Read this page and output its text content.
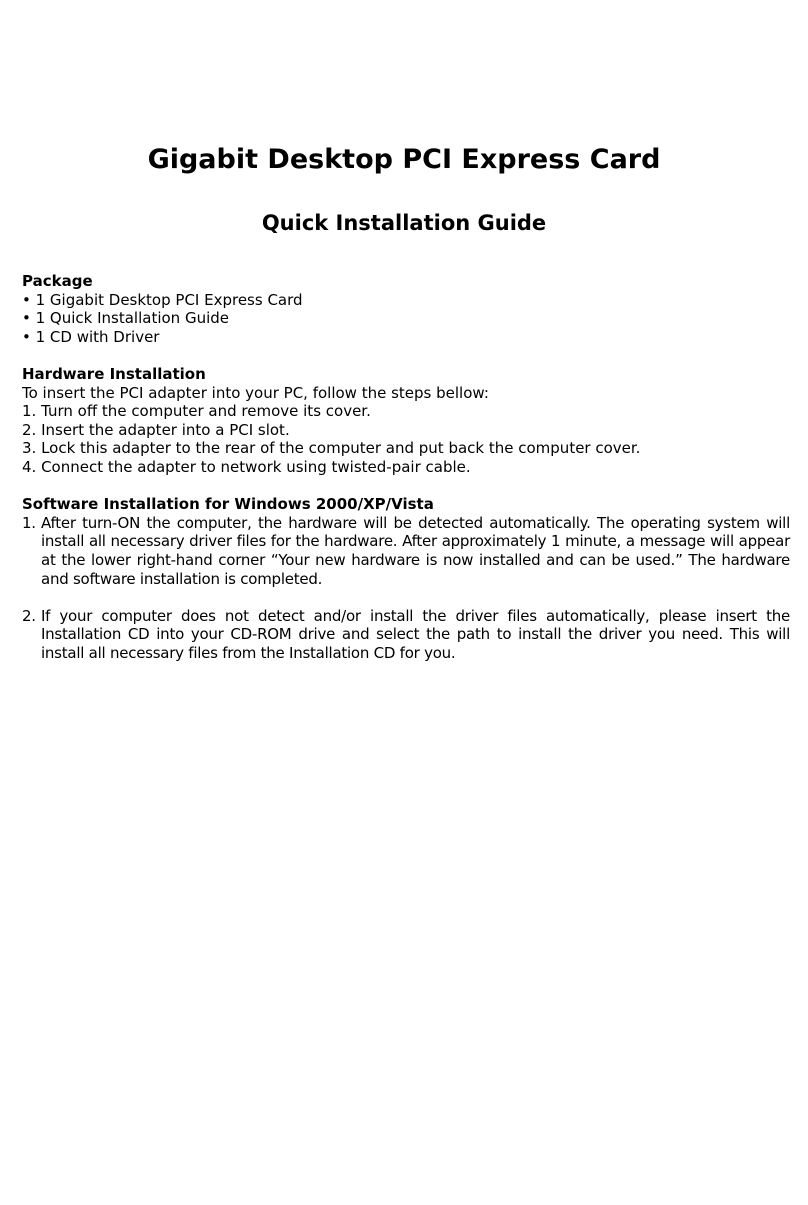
Gigabit Desktop PCI Express Card
Quick Installation Guide

Package

• 1 Gigabit Desktop PCI Express Card

• 1 Quick Installation Guide

• 1 CD with Driver

Hardware Installation

To insert the PCI adapter into your PC, follow the steps bellow:

1. Turn off the computer and remove its cover.

2. Insert the adapter into a PCI slot.

3. Lock this adapter to the rear of the computer and put back the computer cover.

4. Connect the adapter to network using twisted-pair cable.

Software Installation for Windows 2000/XP/Vista

1. After turn-ON the computer, the hardware will be detected automatically. The operating system will install all necessary driver files for the hardware. After approximately 1 minute, a message will appear at the lower right-hand corner “Your new hardware is now installed and can be used.” The hardware and software installation is completed.

2. If your computer does not detect and/or install the driver files automatically, please insert the Installation CD into your CD-ROM drive and select the path to install the driver you need. This will install all necessary files from the Installation CD for you.
